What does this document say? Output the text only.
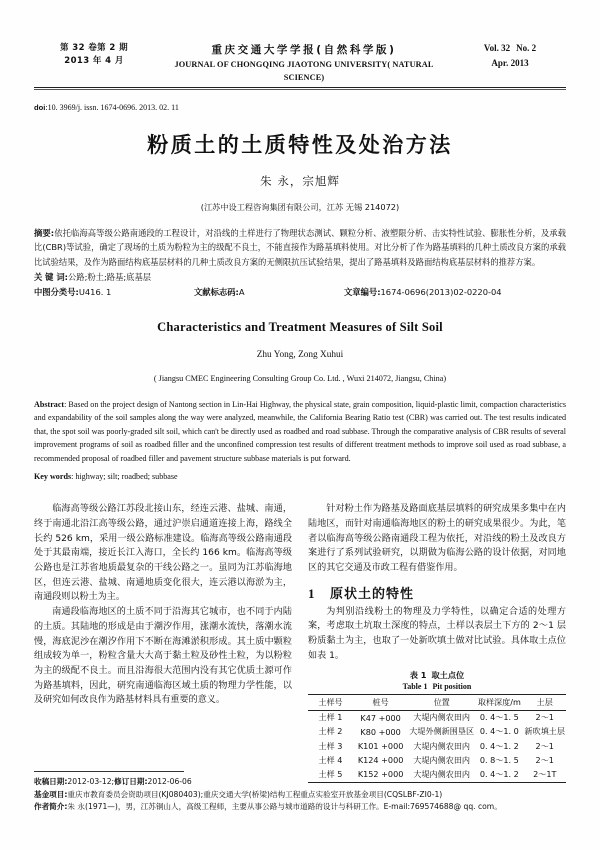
第 32 卷第 2 期
2013 年 4 月
重庆交通大学学报(自然科学版)
JOURNAL OF CHONGQING JIAOTONG UNIVERSITY( NATURAL SCIENCE)
Vol. 32 No. 2
Apr. 2013
doi:10. 3969/j. issn. 1674-0696. 2013. 02. 11
粉质土的土质特性及处治方法
朱 永，宗旭辉
(江苏中设工程咨询集团有限公司，江苏 无锡 214072)
摘要:依托临海高等级公路南通段的工程设计，对沿线的土样进行了物理状态测试、颗粒分析、液塑限分析、击实特性试验、膨胀性分析，及承载比(CBR)等试验，确定了现场的土质为粉粒为主的级配不良土，不能直接作为路基填料使用。对比分析了作为路基填料的几种土质改良方案的承载比试验结果，及作为路面结构底基层材料的几种土质改良方案的无侧限抗压试验结果，提出了路基填料及路面结构底基层材料的推荐方案。
关 键 词:公路;粉土;路基;底基层
中图分类号:U416. 1	文献标志码:A	文章编号:1674-0696(2013)02-0220-04
Characteristics and Treatment Measures of Silt Soil
Zhu Yong, Zong Xuhui
( Jiangsu CMEC Engineering Consulting Group Co. Ltd. , Wuxi 214072, Jiangsu, China)
Abstract: Based on the project design of Nantong section in Lin-Hai Highway, the physical state, grain composition, liquid-plastic limit, compaction characteristics and expandability of the soil samples along the way were analyzed, meanwhile, the California Bearing Ratio test (CBR) was carried out. The test results indicated that, the spot soil was poorly-graded silt soil, which can't be directly used as roadbed and road subbase. Through the comparative analysis of CBR results of several improvement programs of soil as roadbed filler and the unconfined compression test results of different treatment methods to improve soil used as road subbase, a recommended proposal of roadbed filler and pavement structure subbase materials is put forward.
Key words: highway; silt; roadbed; subbase

临海高等级公路江苏段北接山东，经连云港、盐城、南通，终于南通北沿江高等级公路，通过沪崇启通道连接上海，路线全长约 526 km，采用一级公路标准建设。临海高等级公路南通段处于其最南端，接近长江入海口，全长约 166 km。临海高等级公路也是江苏省地质最复杂的干线公路之一。虽同为江苏临海地区，但连云港、盐城、南通地质变化很大，连云港以海淤为主，南通段则以粉土为主。

南通段临海地区的土质不同于沿海其它城市，也不同于内陆的土质。其陆地的形成是由于潮汐作用，涨潮水流快，落潮水流慢，海底泥沙在潮汐作用下不断在海滩淤积形成。其土质中颗粒组成较为单一，粉粒含量大大高于黏土粒及砂性土粒，为以粉粒为主的级配不良土。而且沿海很大范围内没有其它优质土源可作为路基填料，因此，研究南通临海区域土质的物理力学性能，以及研究如何改良作为路基材料具有重要的意义。

针对粉土作为路基及路面底基层填料的研究成果多集中在内陆地区，而针对南通临海地区的粉土的研究成果很少。为此，笔者以临海高等级公路南通段工程为依托，对沿线的粉土及改良方案进行了系列试验研究，以期做为临海公路的设计依据，对同地区的其它交通及市政工程有借鉴作用。

1	原状土的特性

为判别沿线粉土的物理及力学特性，以确定合适的处理方案，考虑取土坑取土深度的特点，土样以表层土下方的 2～1 层粉质黏土为主，也取了一处新吹填土做对比试验。具体取土点位如表 1。

表 1 取土点位
Table 1 Pit position
土样号	桩号	位置	取样深度/m	土层
土样 1	K47 +000	大堤内侧农田内	0. 4～1. 5	2～1
土样 2	K80 +000	大堤外侧新围垦区	0. 4～1. 0	新吹填土层
土样 3	K101 +000	大堤内侧农田内	0. 4～1. 2	2～1
土样 4	K124 +000	大堤内侧农田内	0. 8～1. 5	2～1
土样 5	K152 +000	大堤内侧农田内	0. 4～1. 2	2～1T
收稿日期:2012-03-12;修订日期:2012-06-06
基金项目:重庆市教育委员会资助项目(KJ080403);重庆交通大学(桥梁)结构工程重点实验室开放基金项目(CQSLBF-ZI0-1)
作者简介:朱 永(1971—)，男，江苏铜山人，高级工程师，主要从事公路与城市道路的设计与科研工作。E-mail:769574688@ qq. com。
